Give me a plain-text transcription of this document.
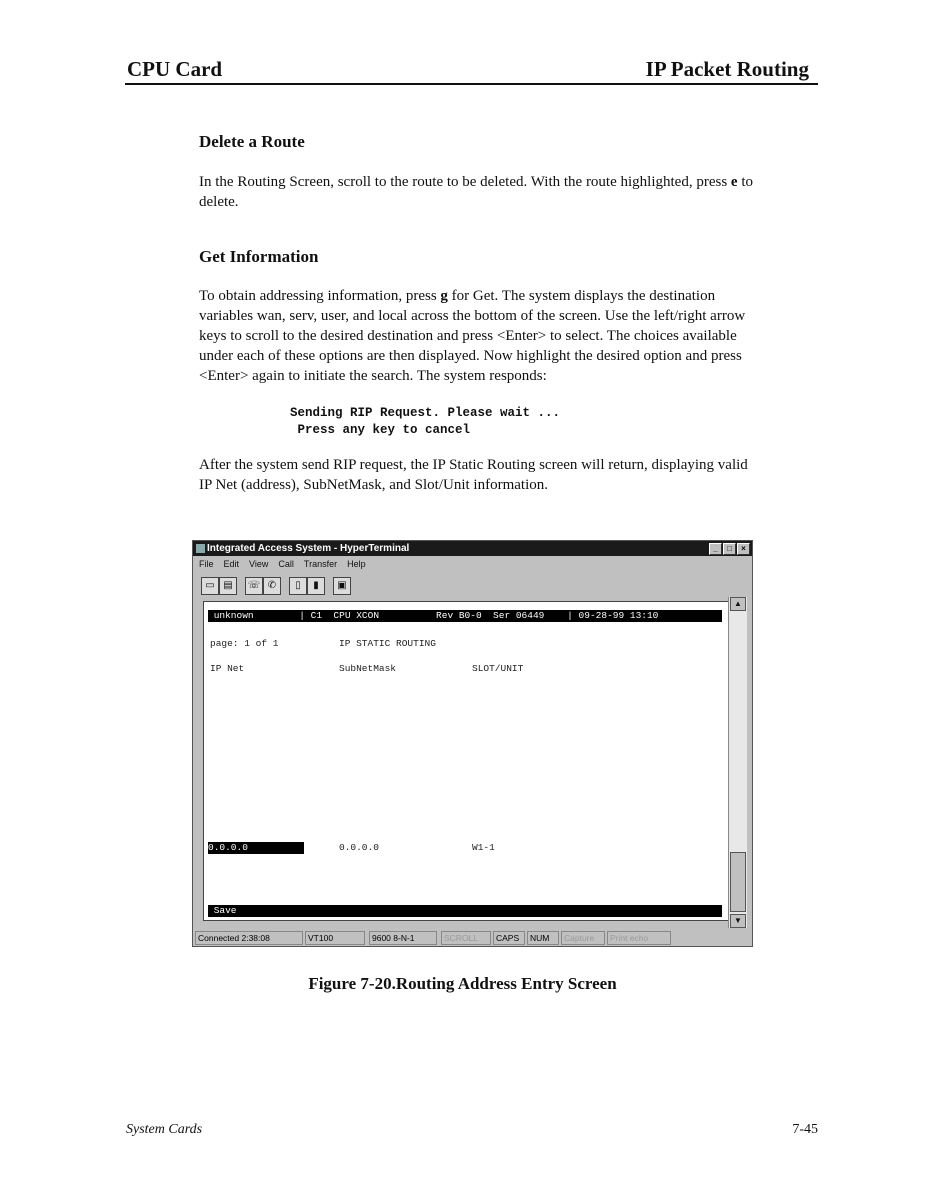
CPU Card	IP Packet Routing
Delete a Route
In the Routing Screen, scroll to the route to be deleted. With the route highlighted, press e to
delete.
Get Information
To obtain addressing information, press g for Get. The system displays the destination
variables wan, serv, user, and local across the bottom of the screen. Use the left/right arrow
keys to scroll to the desired destination and press <Enter> to select. The choices available
under each of these options are then displayed. Now highlight the desired option and press
<Enter> again to initiate the search. The system responds:
Sending RIP Request. Please wait ...
Press any key to cancel
After the system send RIP request, the IP Static Routing screen will return, displaying valid
IP Net (address), SubNetMask, and Slot/Unit information.
Integrated Access System - HyperTerminal	_	□	×
File Edit View Call Transfer Help
▭ ▤	☏ ✆	▯	▮	▣
unknown        | C1  CPU XCON          Rev B0-0  Ser 06449    | 09-28-99 13:10
page: 1 of 1	IP STATIC ROUTING
IP Net	SubNetMask	SLOT/UNIT
0.0.0.0	0.0.0.0	W1-1
Save
▲
▼
Connected 2:38:08	VT100	9600 8-N-1	SCROLL	CAPS	NUM	Capture	Print echo
Figure 7-20.Routing Address Entry Screen
System Cards	7-45
